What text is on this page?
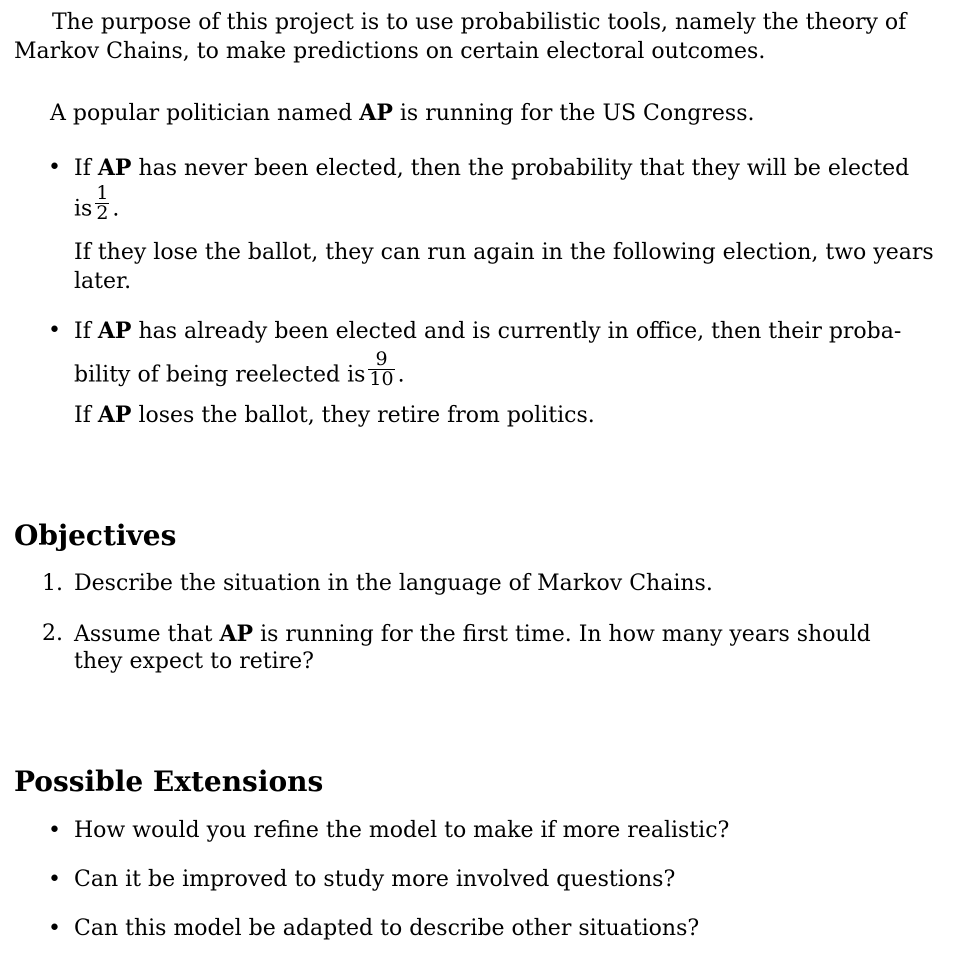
The purpose of this project is to use probabilistic tools, namely the theory of
Markov Chains, to make predictions on certain electoral outcomes.
A popular politician named AP is running for the US Congress.
• If AP has never been elected, then the probability that they will be elected
is $\frac{1}{2}$ .
If they lose the ballot, they can run again in the following election, two years
later.
• If AP has already been elected and is currently in office, then their proba-
bility of being reelected is $\frac{9}{10}$ .
If AP loses the ballot, they retire from politics.
Objectives
1. Describe the situation in the language of Markov Chains.
2. Assume that AP is running for the first time. In how many years should
they expect to retire?
Possible Extensions
• How would you refine the model to make if more realistic?
• Can it be improved to study more involved questions?
• Can this model be adapted to describe other situations?
